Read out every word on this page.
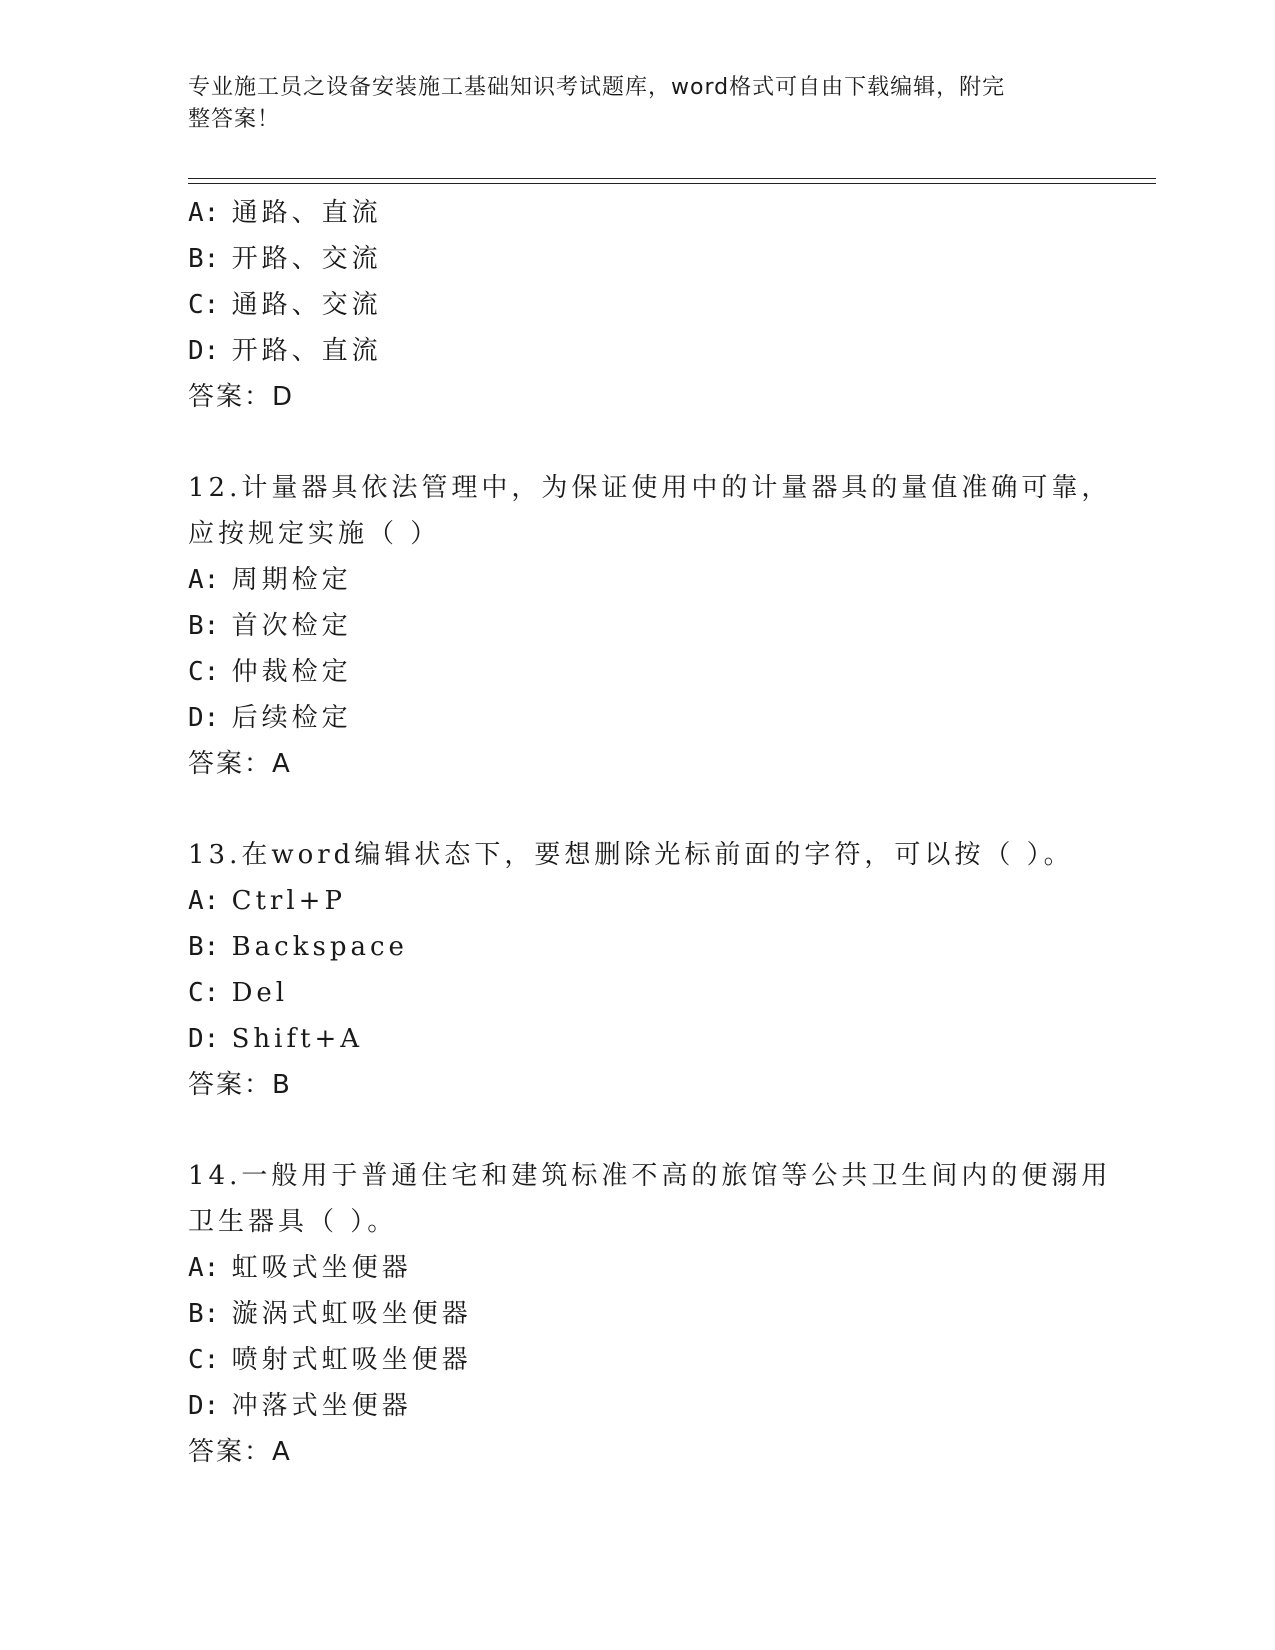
专业施工员之设备安装施工基础知识考试题库，word格式可自由下载编辑，附完
整答案！
A: 通路、直流
B: 开路、交流
C: 通路、交流
D: 开路、直流
答案：D
12.计量器具依法管理中，为保证使用中的计量器具的量值准确可靠，
应按规定实施（ ）
A: 周期检定
B: 首次检定
C: 仲裁检定
D: 后续检定
答案：A
13.在word编辑状态下，要想删除光标前面的字符，可以按（ ）。
A: Ctrl+P
B: Backspace
C: Del
D: Shift+A
答案：B
14.一般用于普通住宅和建筑标准不高的旅馆等公共卫生间内的便溺用
卫生器具（ ）。
A: 虹吸式坐便器
B: 漩涡式虹吸坐便器
C: 喷射式虹吸坐便器
D: 冲落式坐便器
答案：A
